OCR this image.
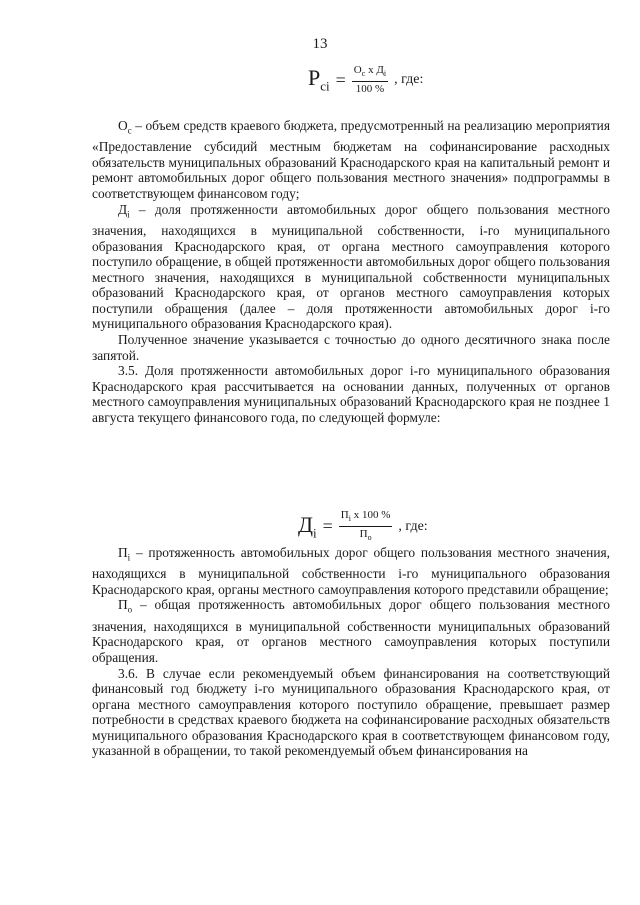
13
$P_{ci} = \frac{О_c x Д_i}{100 \%}$ , где:

$О_c$ – объем средств краевого бюджета, предусмотренный на реализацию мероприятия «Предоставление субсидий местным бюджетам на софинансирование расходных обязательств муниципальных образований Краснодарского края на капитальный ремонт и ремонт автомобильных дорог общего пользования местного значения» подпрограммы в соответствующем финансовом году;

$Д_i$ – доля протяженности автомобильных дорог общего пользования местного значения, находящихся в муниципальной собственности, i-го муниципального образования Краснодарского края, от органа местного самоуправления которого поступило обращение, в общей протяженности автомобильных дорог общего пользования местного значения, находящихся в муниципальной собственности муниципальных образований Краснодарского края, от органов местного самоуправления которых поступили обращения (далее – доля протяженности автомобильных дорог i-го муниципального образования Краснодарского края).

Полученное значение указывается с точностью до одного десятичного знака после запятой.

3.5. Доля протяженности автомобильных дорог i-го муниципального образования Краснодарского края рассчитывается на основании данных, полученных от органов местного самоуправления муниципальных образований Краснодарского края не позднее 1 августа текущего финансового года, по следующей формуле:

$Д_i = \frac{П_i x 100 \%}{П_o}$ , где:

$П_i$ – протяженность автомобильных дорог общего пользования местного значения, находящихся в муниципальной собственности i-го муниципального образования Краснодарского края, органы местного самоуправления которого представили обращение;

$П_o$ – общая протяженность автомобильных дорог общего пользования местного значения, находящихся в муниципальной собственности муниципальных образований Краснодарского края, от органов местного самоуправления которых поступили обращения.

3.6. В случае если рекомендуемый объем финансирования на соответствующий финансовый год бюджету i-го муниципального образования Краснодарского края, от органа местного самоуправления которого поступило обращение, превышает размер потребности в средствах краевого бюджета на софинансирование расходных обязательств муниципального образования Краснодарского края в соответствующем финансовом году, указанной в обращении, то такой рекомендуемый объем финансирования на
